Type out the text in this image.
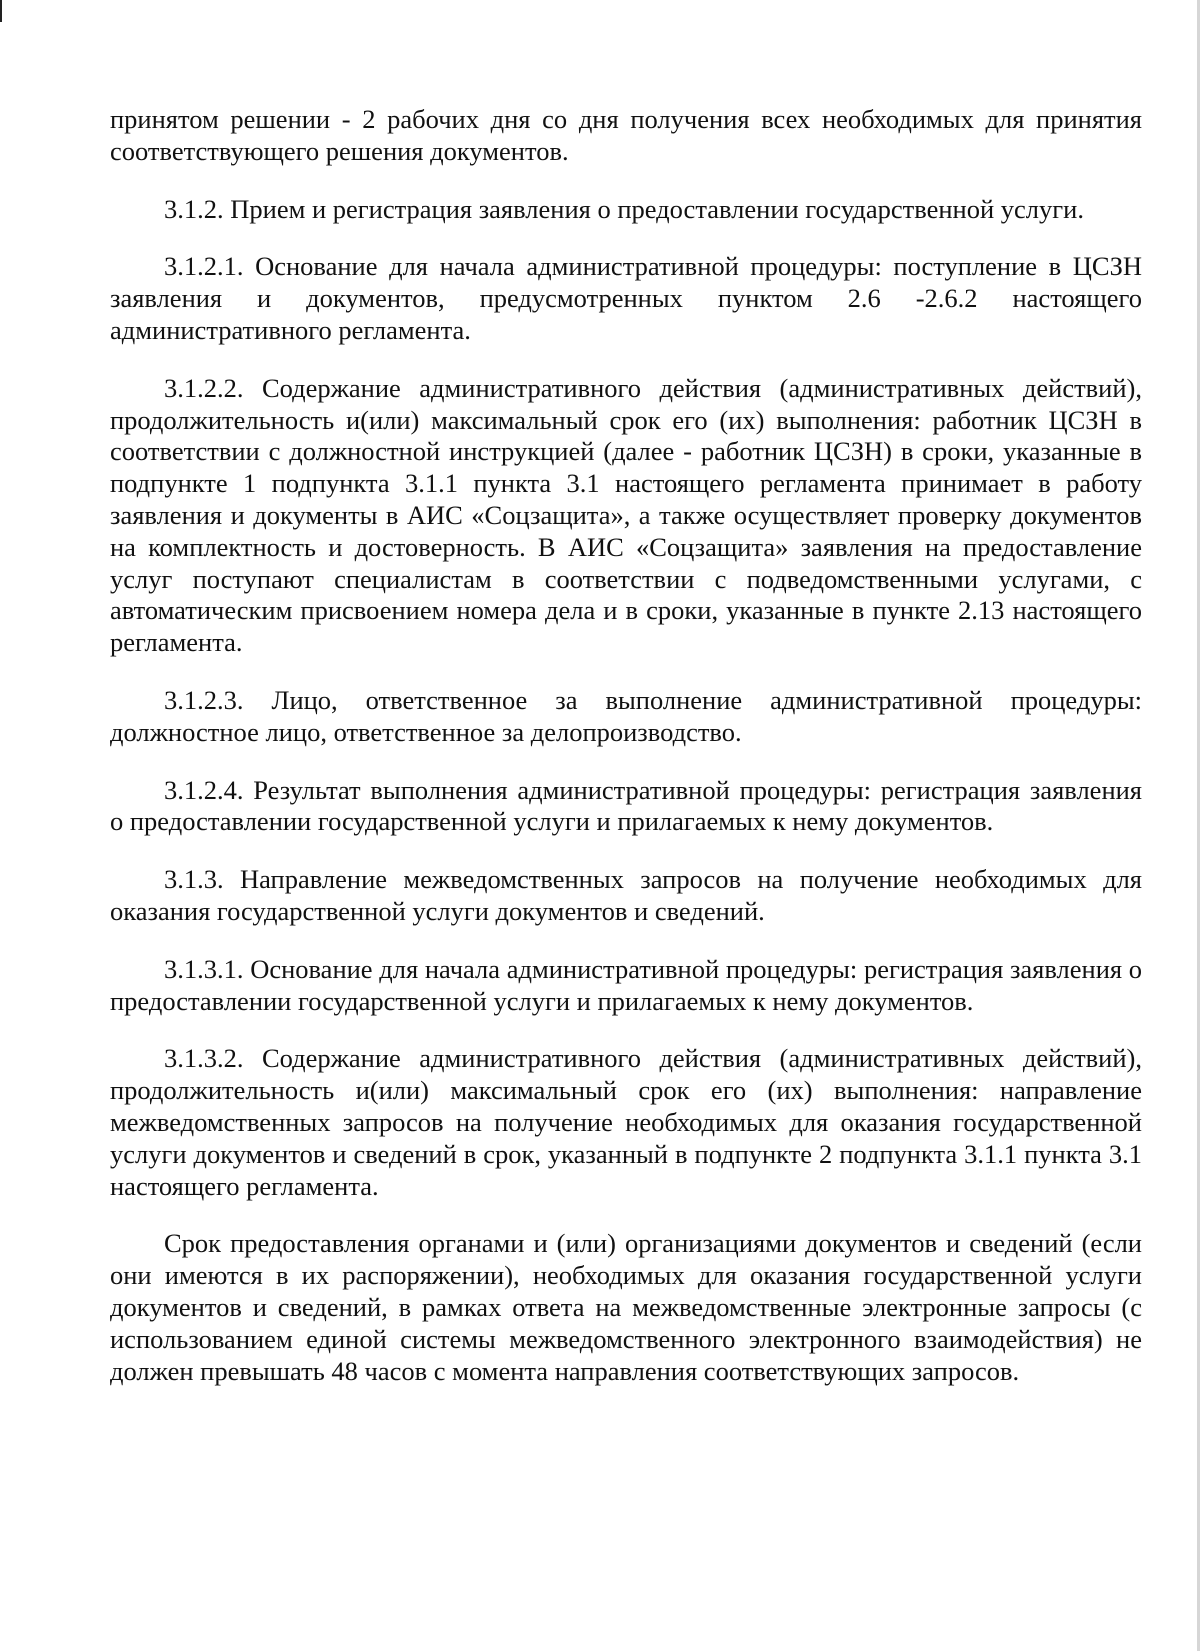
принятом решении - 2 рабочих дня со дня получения всех необходимых для принятия соответствующего решения документов.

3.1.2. Прием и регистрация заявления о предоставлении государственной услуги.

3.1.2.1. Основание для начала административной процедуры: поступление в ЦСЗН заявления и документов, предусмотренных пунктом 2.6 -2.6.2 настоящего административного регламента.

3.1.2.2. Содержание административного действия (административных действий), продолжительность и(или) максимальный срок его (их) выполнения: работник ЦСЗН в соответствии с должностной инструкцией (далее - работник ЦСЗН) в сроки, указанные в подпункте 1 подпункта 3.1.1 пункта 3.1 настоящего регламента принимает в работу заявления и документы в АИС «Соцзащита», а также осуществляет проверку документов на комплектность и достоверность. В АИС «Соцзащита» заявления на предоставление услуг поступают специалистам в соответствии с подведомственными услугами, с автоматическим присвоением номера дела и в сроки, указанные в пункте 2.13 настоящего регламента.

3.1.2.3. Лицо, ответственное за выполнение административной процедуры: должностное лицо, ответственное за делопроизводство.

3.1.2.4. Результат выполнения административной процедуры: регистрация заявления о предоставлении государственной услуги и прилагаемых к нему документов.

3.1.3. Направление межведомственных запросов на получение необходимых для оказания государственной услуги документов и сведений.

3.1.3.1. Основание для начала административной процедуры: регистрация заявления о предоставлении государственной услуги и прилагаемых к нему документов.

3.1.3.2. Содержание административного действия (административных действий), продолжительность и(или) максимальный срок его (их) выполнения: направление межведомственных запросов на получение необходимых для оказания государственной услуги документов и сведений в срок, указанный в подпункте 2 подпункта 3.1.1 пункта 3.1 настоящего регламента.

Срок предоставления органами и (или) организациями документов и сведений (если они имеются в их распоряжении), необходимых для оказания государственной услуги документов и сведений, в рамках ответа на межведомственные электронные запросы (с использованием единой системы межведомственного электронного взаимодействия) не должен превышать 48 часов с момента направления соответствующих запросов.
